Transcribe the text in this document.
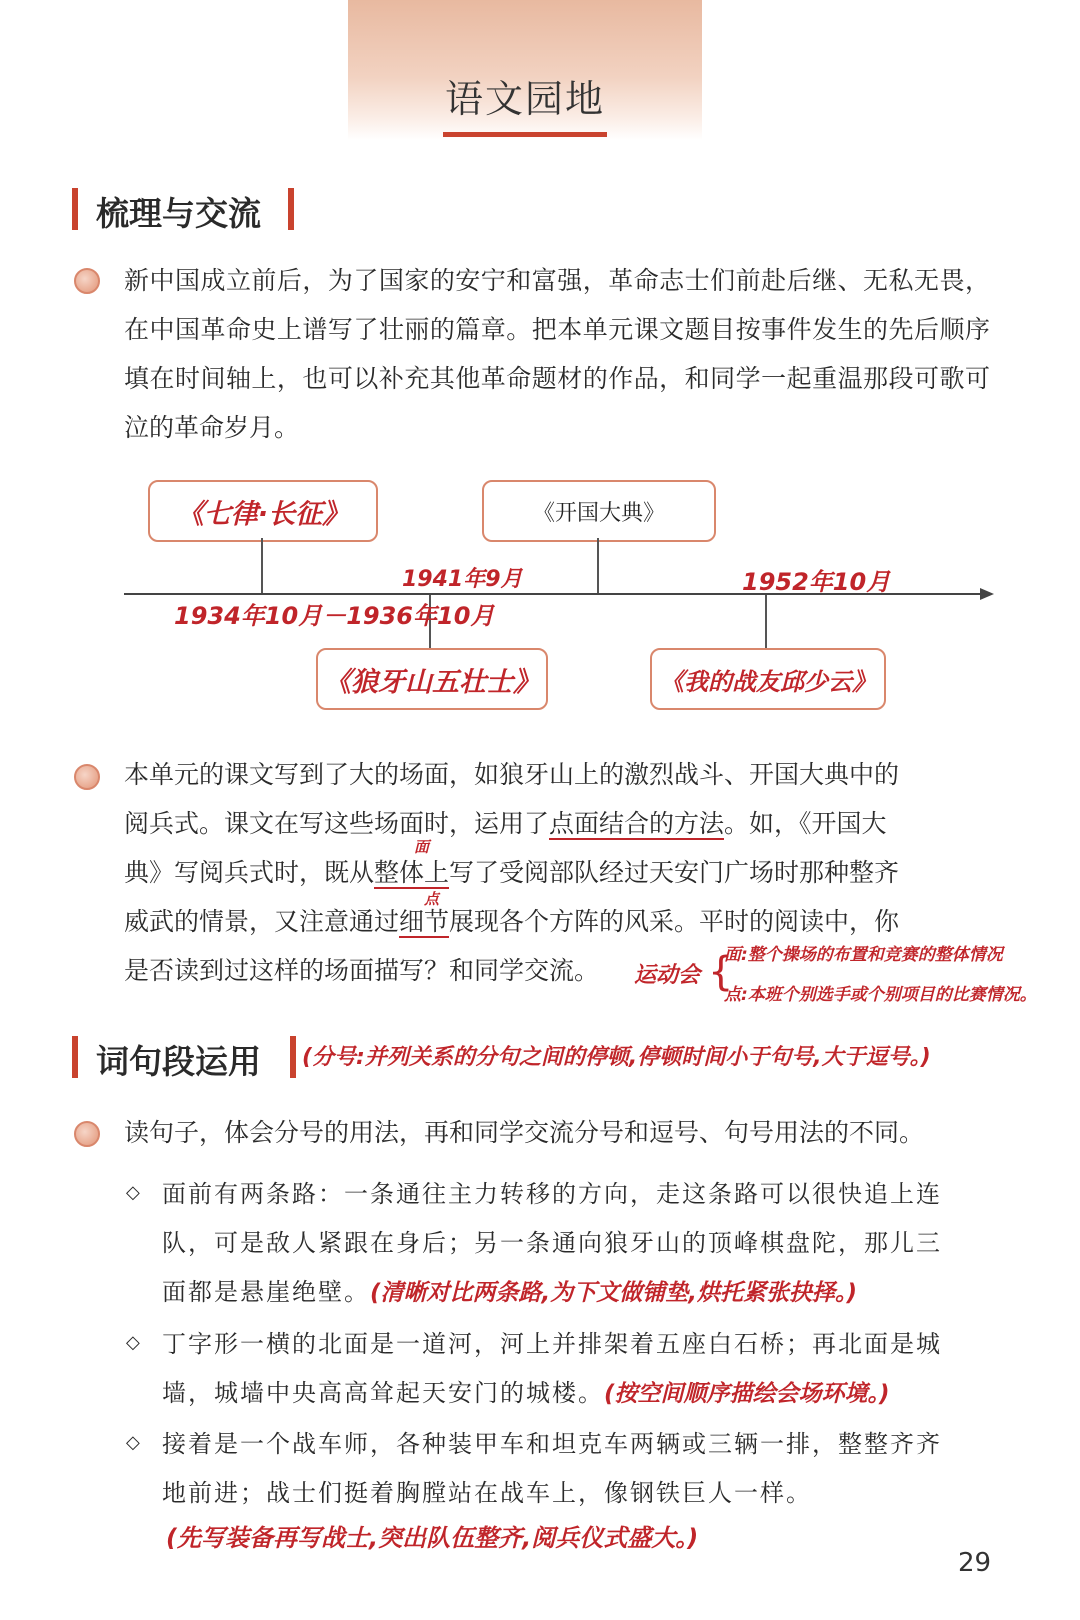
语文园地
梳理与交流
新中国成立前后，为了国家的安宁和富强，革命志士们前赴后继、无私无畏，在中国革命史上谱写了壮丽的篇章。把本单元课文题目按事件发生的先后顺序填在时间轴上，也可以补充其他革命题材的作品，和同学一起重温那段可歌可泣的革命岁月。
《七律·长征》	《开国大典》
《狼牙山五壮士》	《我的战友邱少云》
1934年10月－1936年10月
1941年9月	1952年10月
本单元的课文写到了大的场面，如狼牙山上的激烈战斗、开国大典中的
阅兵式。课文在写这些场面时，运用了点面结合的方法。如，《开国大
典》写阅兵式时，既从整体上写了受阅部队经过天安门广场时那种整齐
威武的情景，又注意通过细节展现各个方阵的风采。平时的阅读中，你
是否读到过这样的场面描写？和同学交流。
面
点
运动会 {
面:整个操场的布置和竞赛的整体情况
点:本班个别选手或个别项目的比赛情况。
词句段运用 (分号:并列关系的分句之间的停顿,停顿时间小于句号,大于逗号。)
读句子，体会分号的用法，再和同学交流分号和逗号、句号用法的不同。
◇ 面前有两条路：一条通往主力转移的方向，走这条路可以很快追上连
队，可是敌人紧跟在身后；另一条通向狼牙山的顶峰棋盘陀，那儿三
面都是悬崖绝壁。(清晰对比两条路,为下文做铺垫,烘托紧张抉择。)
◇ 丁字形一横的北面是一道河，河上并排架着五座白石桥；再北面是城
墙，城墙中央高高耸起天安门的城楼。(按空间顺序描绘会场环境。)
◇ 接着是一个战车师，各种装甲车和坦克车两辆或三辆一排，整整齐齐
地前进；战士们挺着胸膛站在战车上，像钢铁巨人一样。
(先写装备再写战士,突出队伍整齐,阅兵仪式盛大。)
29
